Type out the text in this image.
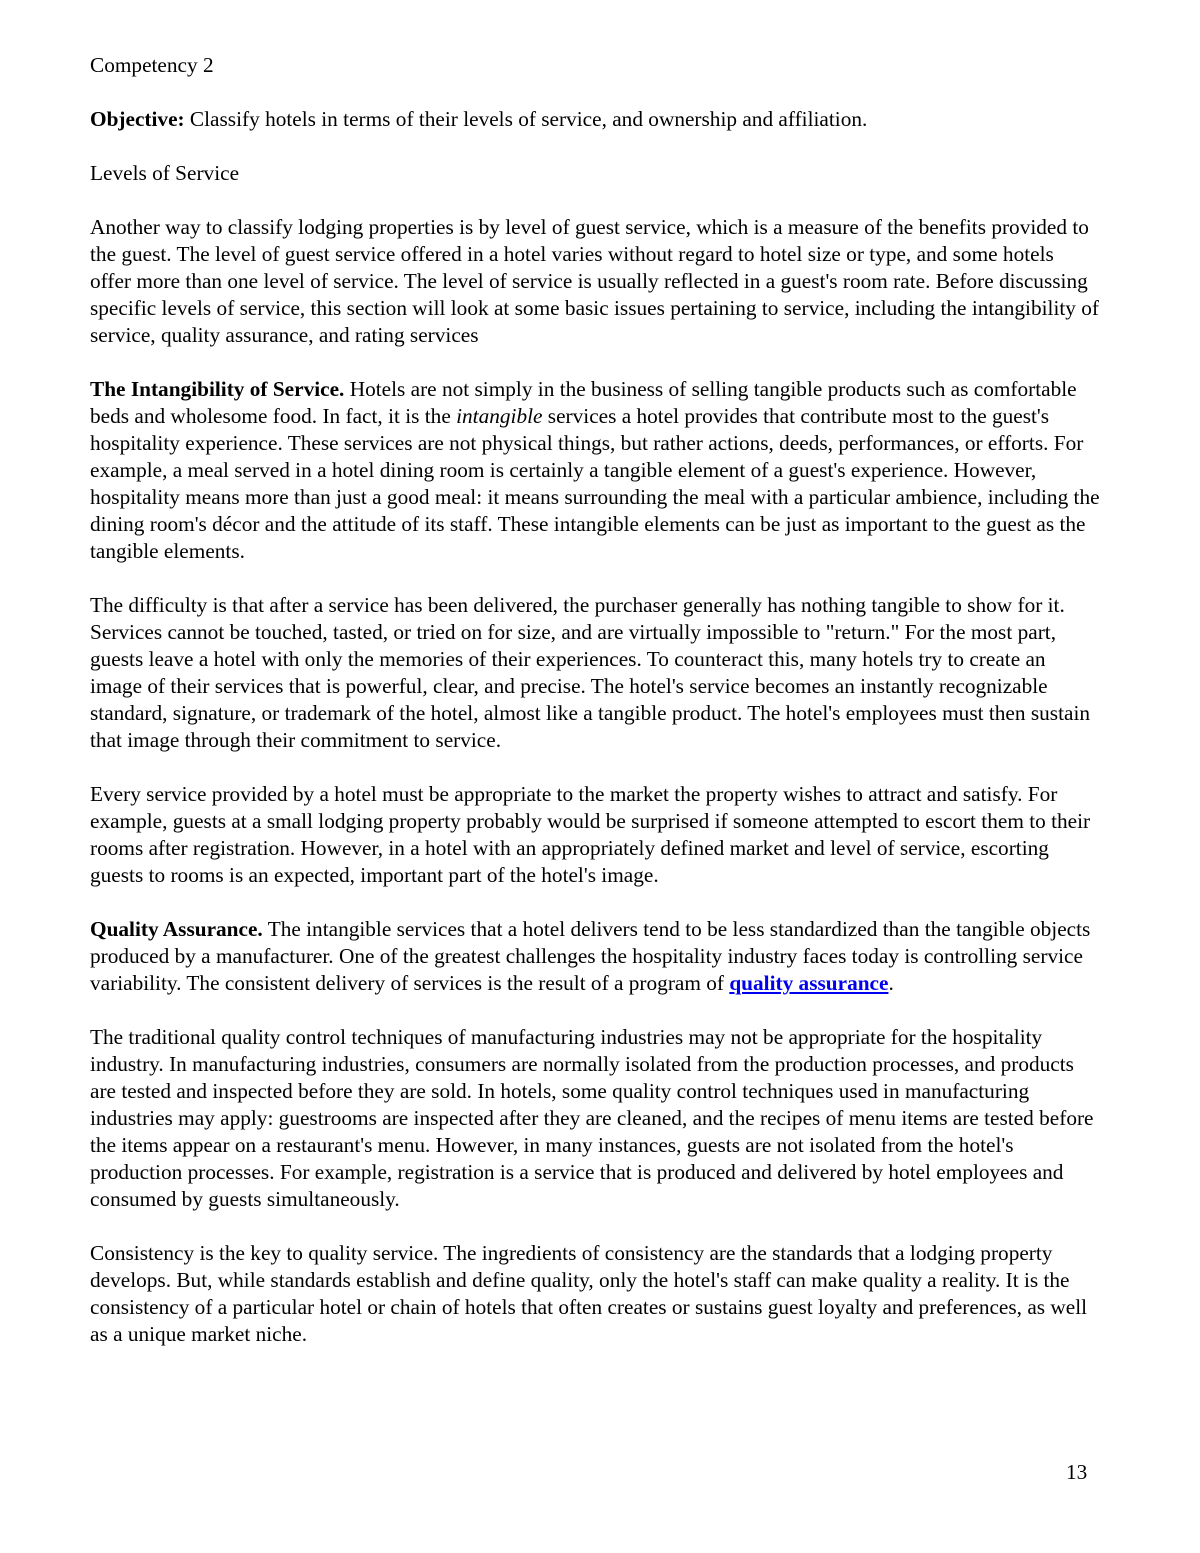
Competency 2

Objective: Classify hotels in terms of their levels of service, and ownership and affiliation.

Levels of Service

Another way to classify lodging properties is by level of guest service, which is a measure of the benefits provided to the guest. The level of guest service offered in a hotel varies without regard to hotel size or type, and some hotels offer more than one level of service. The level of service is usually reflected in a guest's room rate. Before discussing specific levels of service, this section will look at some basic issues pertaining to service, including the intangibility of service, quality assurance, and rating services

The Intangibility of Service. Hotels are not simply in the business of selling tangible products such as comfortable beds and wholesome food. In fact, it is the intangible services a hotel provides that contribute most to the guest's hospitality experience. These services are not physical things, but rather actions, deeds, performances, or efforts. For example, a meal served in a hotel dining room is certainly a tangible element of a guest's experience. However, hospitality means more than just a good meal: it means surrounding the meal with a particular ambience, including the dining room's décor and the attitude of its staff. These intangible elements can be just as important to the guest as the tangible elements.

The difficulty is that after a service has been delivered, the purchaser generally has nothing tangible to show for it. Services cannot be touched, tasted, or tried on for size, and are virtually impossible to "return." For the most part, guests leave a hotel with only the memories of their experiences. To counteract this, many hotels try to create an image of their services that is powerful, clear, and precise. The hotel's service becomes an instantly recognizable standard, signature, or trademark of the hotel, almost like a tangible product. The hotel's employees must then sustain that image through their commitment to service.

Every service provided by a hotel must be appropriate to the market the property wishes to attract and satisfy. For example, guests at a small lodging property probably would be surprised if someone attempted to escort them to their rooms after registration. However, in a hotel with an appropriately defined market and level of service, escorting guests to rooms is an expected, important part of the hotel's image.

Quality Assurance. The intangible services that a hotel delivers tend to be less standardized than the tangible objects produced by a manufacturer. One of the greatest challenges the hospitality industry faces today is controlling service variability. The consistent delivery of services is the result of a program of quality assurance.

The traditional quality control techniques of manufacturing industries may not be appropriate for the hospitality industry. In manufacturing industries, consumers are normally isolated from the production processes, and products are tested and inspected before they are sold. In hotels, some quality control techniques used in manufacturing industries may apply: guestrooms are inspected after they are cleaned, and the recipes of menu items are tested before the items appear on a restaurant's menu. However, in many instances, guests are not isolated from the hotel's production processes. For example, registration is a service that is produced and delivered by hotel employees and consumed by guests simultaneously.

Consistency is the key to quality service. The ingredients of consistency are the standards that a lodging property develops. But, while standards establish and define quality, only the hotel's staff can make quality a reality. It is the consistency of a particular hotel or chain of hotels that often creates or sustains guest loyalty and preferences, as well as a unique market niche.

13
